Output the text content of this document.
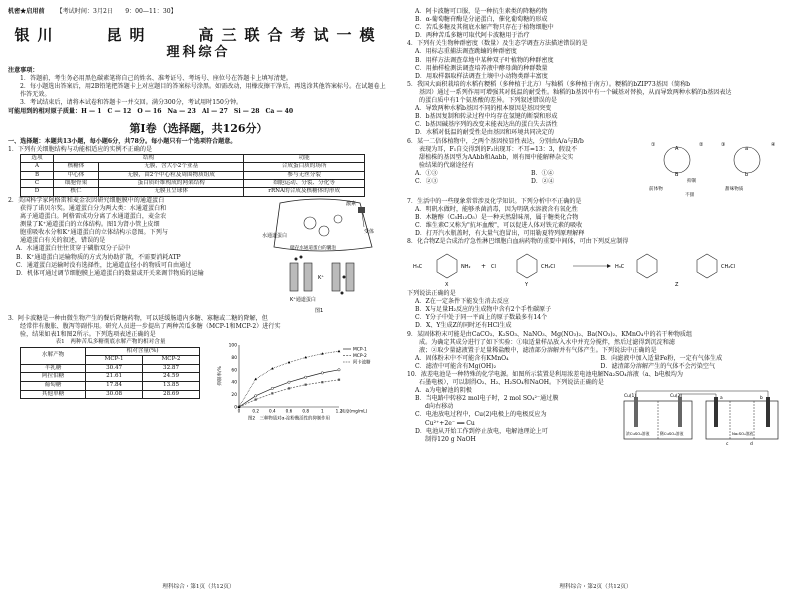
机密★启用前 【考试时间：3月2日　　9：00—11：30】
银川　　昆明　　高三联合考试一模
理科综合
注意事项：
1．答题前，考生务必用黑色碳素笔将自己的姓名、准考证号、考场号、座位号在答题卡上填写清楚。
2．每小题选出答案后，用2B铅笔把答题卡上对应题目的答案标号涂黑。如需改动，用橡皮擦干净后，再选涂其他答案标号。在试题卷上作答无效。
3．考试结束后，请将本试卷和答题卡一并交回。满分300分，考试用时150分钟。
可能用到的相对原子质量：H — 1　C — 12　O — 16　Na — 23　Al — 27　Si — 28　Ca — 40
第Ⅰ卷（选择题，共126分）
一、选择题：本题共13小题，每小题6分，共78分。每小题只有一个选项符合题意。
1．下列有关细胞结构与功能相适应的实例不正确的是
选项	结构		功能
A	核糖体	无膜，含大小2个亚基	合成蛋白质的场所
B	中心体	无膜，由2个中心粒及周围物质组成	参与无丝分裂
C	细胞骨架	蛋白质纤维构成的网架结构	细胞运动、分裂、分化等
D	核仁	无膜且呈球体	rRNA的合成及核糖体的形成
2．美国科学家阿格雷和麦金农因研究细胞膜中的通道蛋白
获得了诺贝尔奖。通道蛋白分为两大类：水通道蛋白和
离子通道蛋白。阿格雷成功分离了水通道蛋白，麦金农
测量了K⁺通道蛋白的立体结构。图1为肾小管上皮细
胞重吸收水分和K⁺通道蛋白的立体结构示意图。下列与
通道蛋白有关的叙述，错误的是
A．水通道蛋白往往贯穿于磷脂双分子层中
B．K⁺通道蛋白运输物质的方式为协助扩散，不需要消耗ATP
C．通道蛋白运输时没有选择性，比通道直径小的物质可自由通过
D．机体可通过调节细胞膜上通道蛋白的数量或开关来调节物质的运输
激素
受体
水通道蛋白
储存水通道蛋白的囊泡
K⁺
K⁺通道蛋白
图1
3．阿卡波糖是一种由微生物产生的餐后降糖药物，可以延缓肠道内多糖、寡糖或二糖的降解，但
经常伴有腹胀、腹泻等副作用。研究人员进一步提出了两种苦瓜多糖（MCP-1和MCP-2）进行实
验，结果如表1和图2所示。下列选项表述正确的是
表1　两种苦瓜多糖彻底水解产物的相对含量
水解产物	相对含量(%)	
	MCP-1	MCP-2
半乳糖	30.47	32.87
阿拉伯糖	21.61	24.59
葡萄糖	17.84	13.85
其他单糖	30.08	28.69
0
20
40
60
80
100
0	0.2 0.4 0.6 0.8	1	1.2
抑制率/%
浓度(mg/mL)
MCP-1
MCP-2
阿卡波糖
图2　三种物质对α-淀粉酶活性的抑制作用
理科综合・第1页（共12页）
A．阿卡波糖可口服，是一种抗生素类的降糖药物
B．α-葡萄糖苷酶是分泌蛋白，催化葡萄糖的形成
C．苦瓜多糖及其彻底水解产物只存在于植物细胞中
D．两种苦瓜多糖可取代阿卡波糖用于治疗
4．下列有关生物种群密度（数量）及生态学调查方法描述错误的是
A．用标志重捕法调查跳蝻的种群密度
B．用样方法调查草地中某种双子叶植物的种群密度
C．用抽样检测法调查培养液中酵母菌的种群数量
D．用取样器取样法调查土壤中小动物类群丰富度
5．我国大面积栽培的水稻有粳稻（多种植于北方）与籼稻（多种植于南方）。粳稻的bZIP73基因（简称b
基因）通过一系列作用可增强其对低温的耐受性。籼稻的b基因中有一个碱基对替换，从而导致两种水稻的b基因表达
的蛋白质中有1个氨基酸的差异。下列叙述错误的是
A．导致两种水稻b基因不同的根本原因是基因突变
B．b基因复制和转录过程中均存在氢键的断裂和形成
C．b基因碱基序列的改变未能表达出的蛋白失去活性
D．水稻对低温的耐受性是由基因和环境共同决定的
6．某一二倍体植物中，之两个基因按显性表达，分别由A/a与B/b
表现为耳，F₁自交得到的F₂出现耳：不耳=13：3，假设不
甜植株的基因型为AAbb和Aabb，则有图中能解释杂交实
验结果的代谢途径有
A．①③	B．①④
C．②③	D．②④
①	②	③	④
A
B
a
b
前体物
抑制
甜味物质
不甜
7．生活中的一些现象常常涉及化学知识。下列分析中不正确的是
A．明矾水做时，能够杀菌消毒，因为明矾水溶液含有氧化性
B．木糖醇（C₅H₁₂O₅）是一种天然甜味剂，属于糖类化合物
C．维生素C又称为"抗坏血酸"，可以促进人体对铁元素的吸收
D．打开汽水瓶盖时，有大量气泡冒出，可用勒夏特列原理解释
8．化合物Z是合成治疗急性淋巴细胞白血病药物的重要中间体，可由下列反应制得
H₃C	NH₂
X
+ Cl	CH₂Cl
Y
H₃C	CH₂Cl
Z
下列说法正确的是
A．Z在一定条件下能发生消去反应
B．X与足量H₂反应的生成物中含有2个手性碳原子
C．Y分子中处于同一平面上的原子数最多有14个
D．X、Y生成Z的同时还有HCl生成
9．某固体粉末可能是由CaCO₃、K₂SO₃、NaNO₃、Mg(NO₃)₂、Ba(NO₃)₂、KMnO₄中的若干种物质组
成。为确定其成分进行了如下实验：①取适量样品放入水中并充分搅拌，然后过滤得到沉淀和滤
液；②取少量滤液置于足量稀盐酸中，滤渣部分溶解并有气体产生。下列说法中正确的是
A．固体粉末中不可能含有KMnO₄	B．向滤液中加入适量Fe粉，一定有气体生成
C．滤渣中可能含有Mg(OH)₂	D．滤渣部分溶解产生的气体不会污染空气
10．浓差电池是一种特殊的化学电源。如图所示装置是利用浓差电池电解Na₂SO₄溶液（a、b电极均为
石墨电极），可以制得O₂、H₂、H₂SO₄和NaOH。下列说法正确的是
A．a为电解池的阴极
B．当电路中转移2 mol电子时，2 mol SO₄²⁻通过膜
d向右移动
C．电池放电过程中，Cu(2)电极上的电极反应为
Cu²⁺+2e⁻ ══ Cu
D．电池从开始工作到停止放电，电解池理论上可
制得120 g NaOH
Cu(1)	Cu(2)	a	b
c	d
浓CuSO₄溶液	稀CuSO₄溶液	Na₂SO₄溶液
理科综合・第2页（共12页）
